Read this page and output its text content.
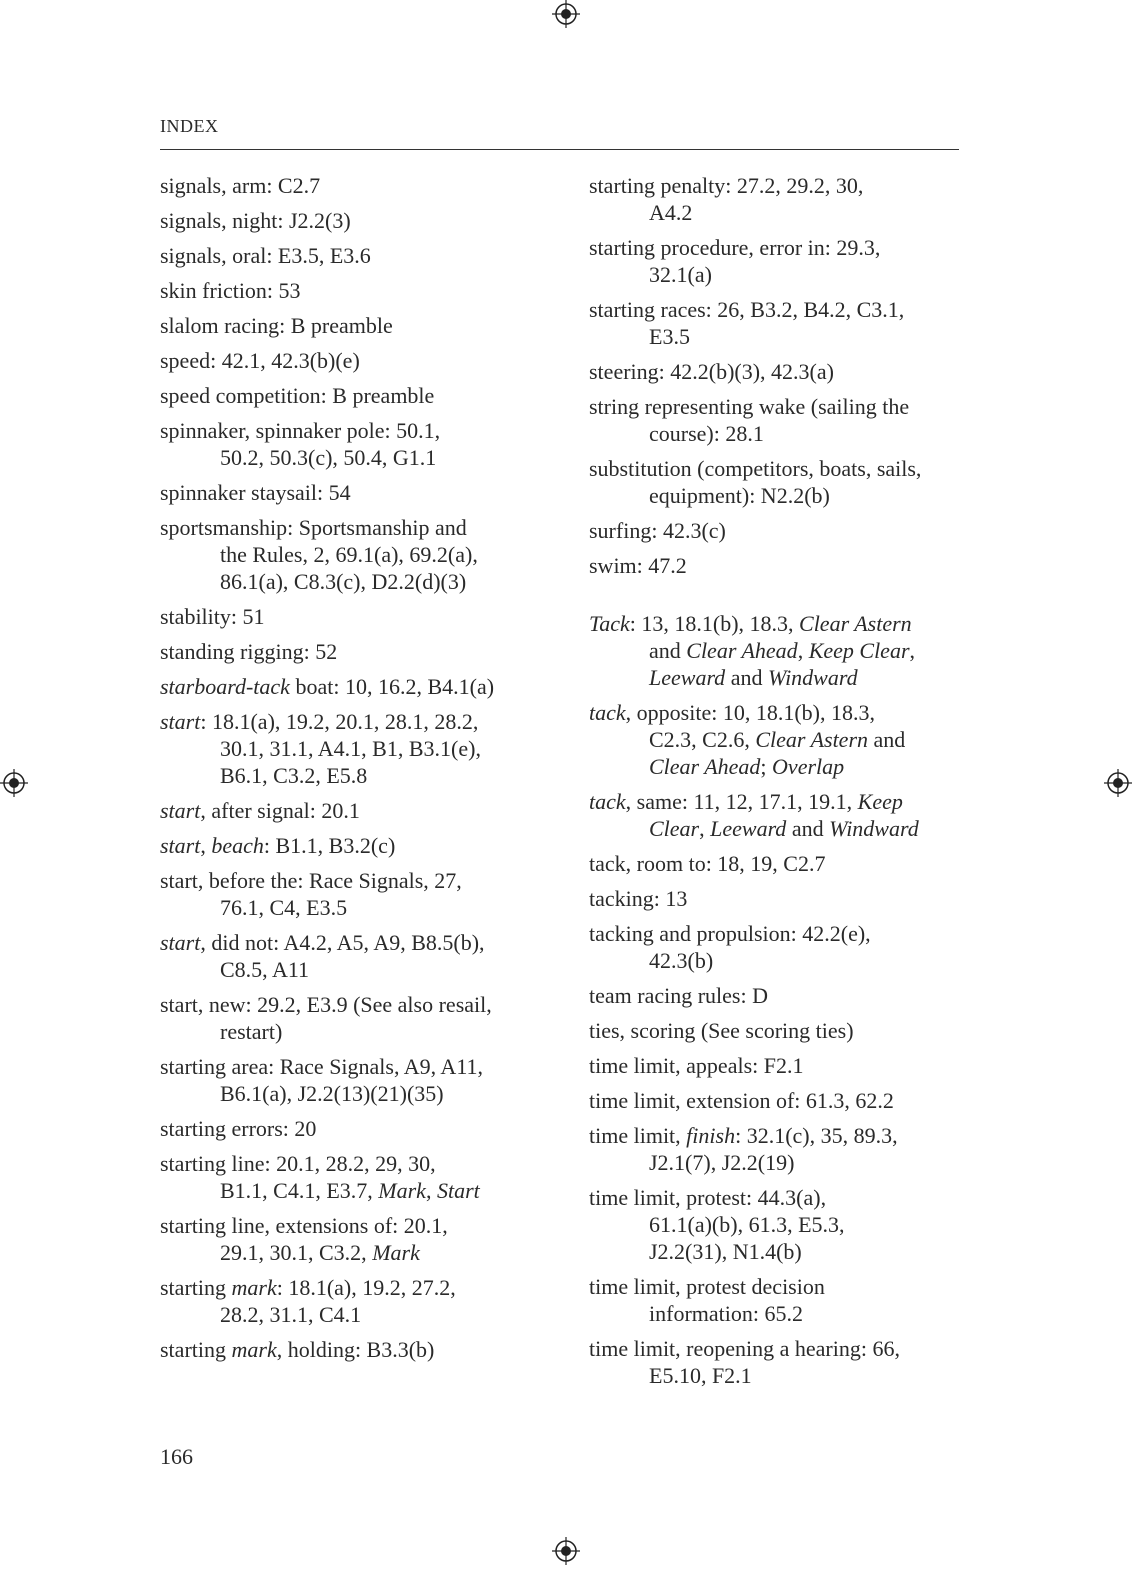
INDEX
signals, arm: C2.7
signals, night: J2.2(3)
signals, oral: E3.5, E3.6
skin friction: 53
slalom racing: B preamble
speed: 42.1, 42.3(b)(e)
speed competition: B preamble
spinnaker, spinnaker pole: 50.1,
50.2, 50.3(c), 50.4, G1.1
spinnaker staysail: 54
sportsmanship: Sportsmanship and
the Rules, 2, 69.1(a), 69.2(a),
86.1(a), C8.3(c), D2.2(d)(3)
stability: 51
standing rigging: 52
starboard-tack boat: 10, 16.2, B4.1(a)
start: 18.1(a), 19.2, 20.1, 28.1, 28.2,
30.1, 31.1, A4.1, B1, B3.1(e),
B6.1, C3.2, E5.8
start, after signal: 20.1
start, beach: B1.1, B3.2(c)
start, before the: Race Signals, 27,
76.1, C4, E3.5
start, did not: A4.2, A5, A9, B8.5(b),
C8.5, A11
start, new: 29.2, E3.9 (See also resail,
restart)
starting area: Race Signals, A9, A11,
B6.1(a), J2.2(13)(21)(35)
starting errors: 20
starting line: 20.1, 28.2, 29, 30,
B1.1, C4.1, E3.7, Mark, Start
starting line, extensions of: 20.1,
29.1, 30.1, C3.2, Mark
starting mark: 18.1(a), 19.2, 27.2,
28.2, 31.1, C4.1
starting mark, holding: B3.3(b)
starting penalty: 27.2, 29.2, 30,
A4.2
starting procedure, error in: 29.3,
32.1(a)
starting races: 26, B3.2, B4.2, C3.1,
E3.5
steering: 42.2(b)(3), 42.3(a)
string representing wake (sailing the
course): 28.1
substitution (competitors, boats, sails,
equipment): N2.2(b)
surfing: 42.3(c)
swim: 47.2
Tack: 13, 18.1(b), 18.3, Clear Astern
and Clear Ahead, Keep Clear,
Leeward and Windward
tack, opposite: 10, 18.1(b), 18.3,
C2.3, C2.6, Clear Astern and
Clear Ahead; Overlap
tack, same: 11, 12, 17.1, 19.1, Keep
Clear, Leeward and Windward
tack, room to: 18, 19, C2.7
tacking: 13
tacking and propulsion: 42.2(e),
42.3(b)
team racing rules: D
ties, scoring (See scoring ties)
time limit, appeals: F2.1
time limit, extension of: 61.3, 62.2
time limit, finish: 32.1(c), 35, 89.3,
J2.1(7), J2.2(19)
time limit, protest: 44.3(a),
61.1(a)(b), 61.3, E5.3,
J2.2(31), N1.4(b)
time limit, protest decision
information: 65.2
time limit, reopening a hearing: 66,
E5.10, F2.1
166
